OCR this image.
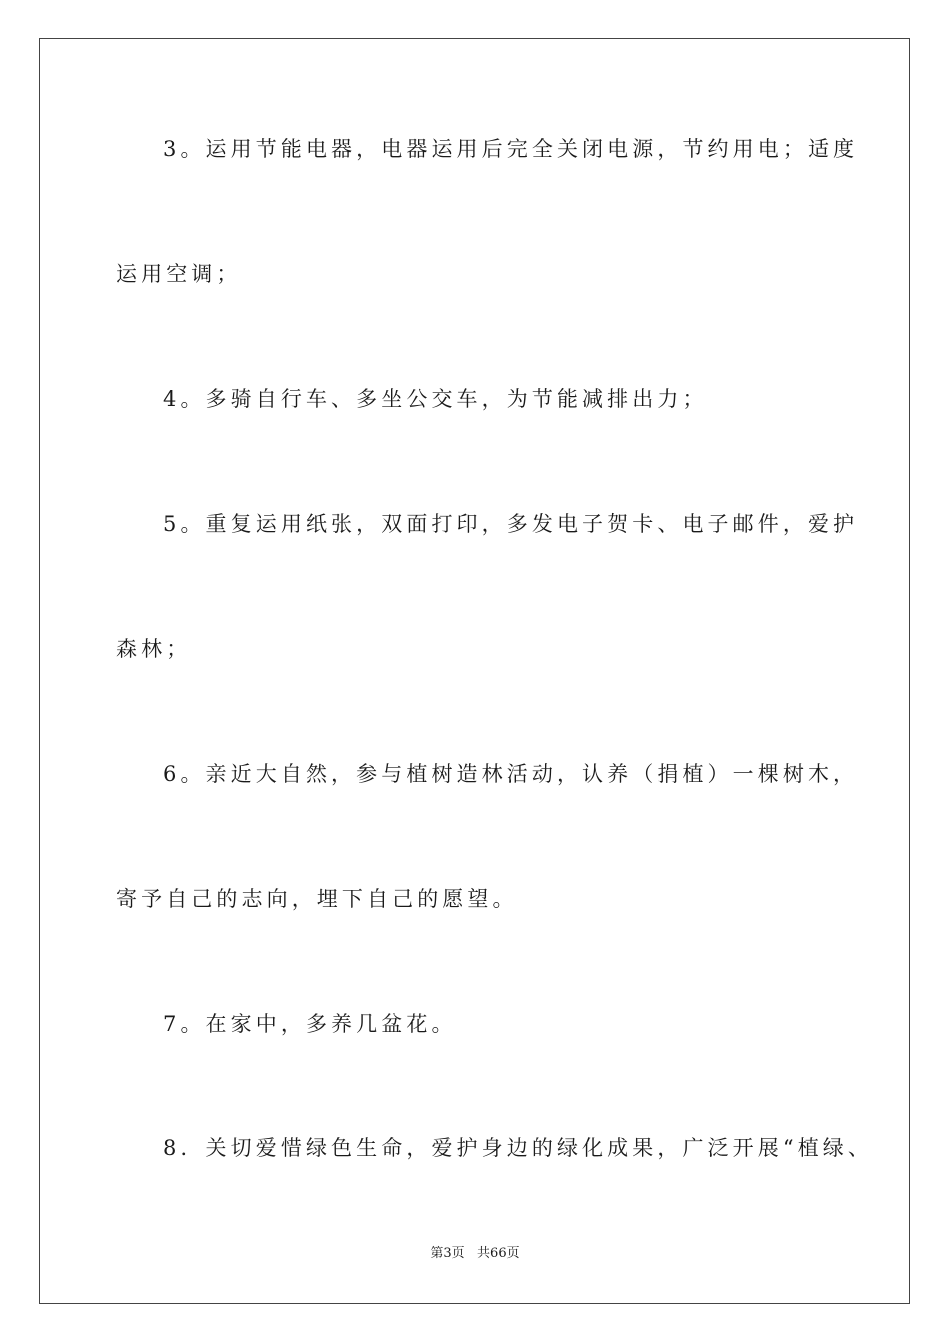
3。运用节能电器，电器运用后完全关闭电源，节约用电；适度
运用空调；
4。多骑自行车、多坐公交车，为节能减排出力；
5。重复运用纸张，双面打印，多发电子贺卡、电子邮件，爱护
森林；
6。亲近大自然，参与植树造林活动，认养（捐植）一棵树木，
寄予自己的志向，埋下自己的愿望。
7。在家中，多养几盆花。
8．关切爱惜绿色生命，爱护身边的绿化成果，广泛开展“植绿、
第3页   共66页
